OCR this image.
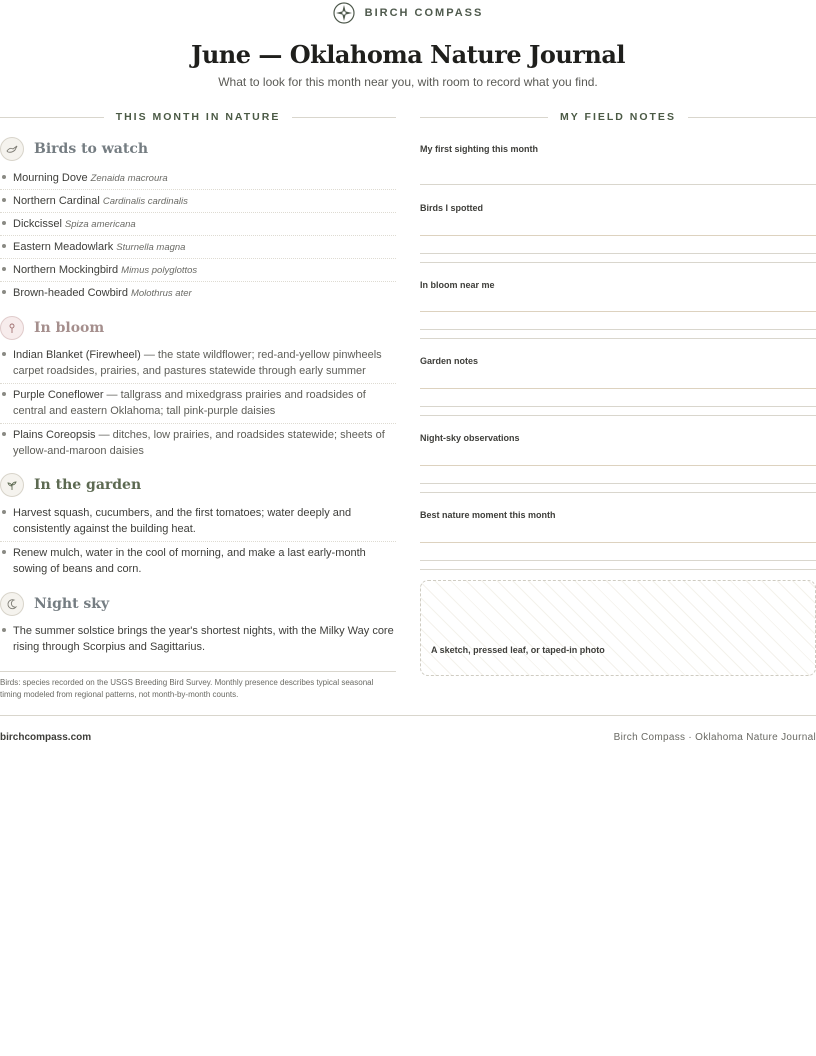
BIRCH COMPASS
June — Oklahoma Nature Journal

What to look for this month near you, with room to record what you find.

THIS MONTH IN NATURE	MY FIELD NOTES
Birds to watch
Mourning Dove Zenaida macroura
Northern Cardinal Cardinalis cardinalis
Dickcissel Spiza americana
Eastern Meadowlark Sturnella magna
Northern Mockingbird Mimus polyglottos
Brown-headed Cowbird Molothrus ater
In bloom
Indian Blanket (Firewheel) — the state wildflower; red-and-yellow pinwheels carpet roadsides, prairies, and pastures statewide through early summer
Purple Coneflower — tallgrass and mixedgrass prairies and roadsides of central and eastern Oklahoma; tall pink-purple daisies
Plains Coreopsis — ditches, low prairies, and roadsides statewide; sheets of yellow-and-maroon daisies
In the garden
Harvest squash, cucumbers, and the first tomatoes; water deeply and consistently against the building heat.
Renew mulch, water in the cool of morning, and make a last early-month sowing of beans and corn.
Night sky
The summer solstice brings the year's shortest nights, with the Milky Way core rising through Scorpius and Sagittarius.

Birds: species recorded on the USGS Breeding Bird Survey. Monthly presence describes typical seasonal timing modeled from regional patterns, not month-by-month counts.

My first sighting this month
Birds I spotted
In bloom near me
Garden notes
Night-sky observations
Best nature moment this month
A sketch, pressed leaf, or taped-in photo
birchcompass.com	Birch Compass · Oklahoma Nature Journal
